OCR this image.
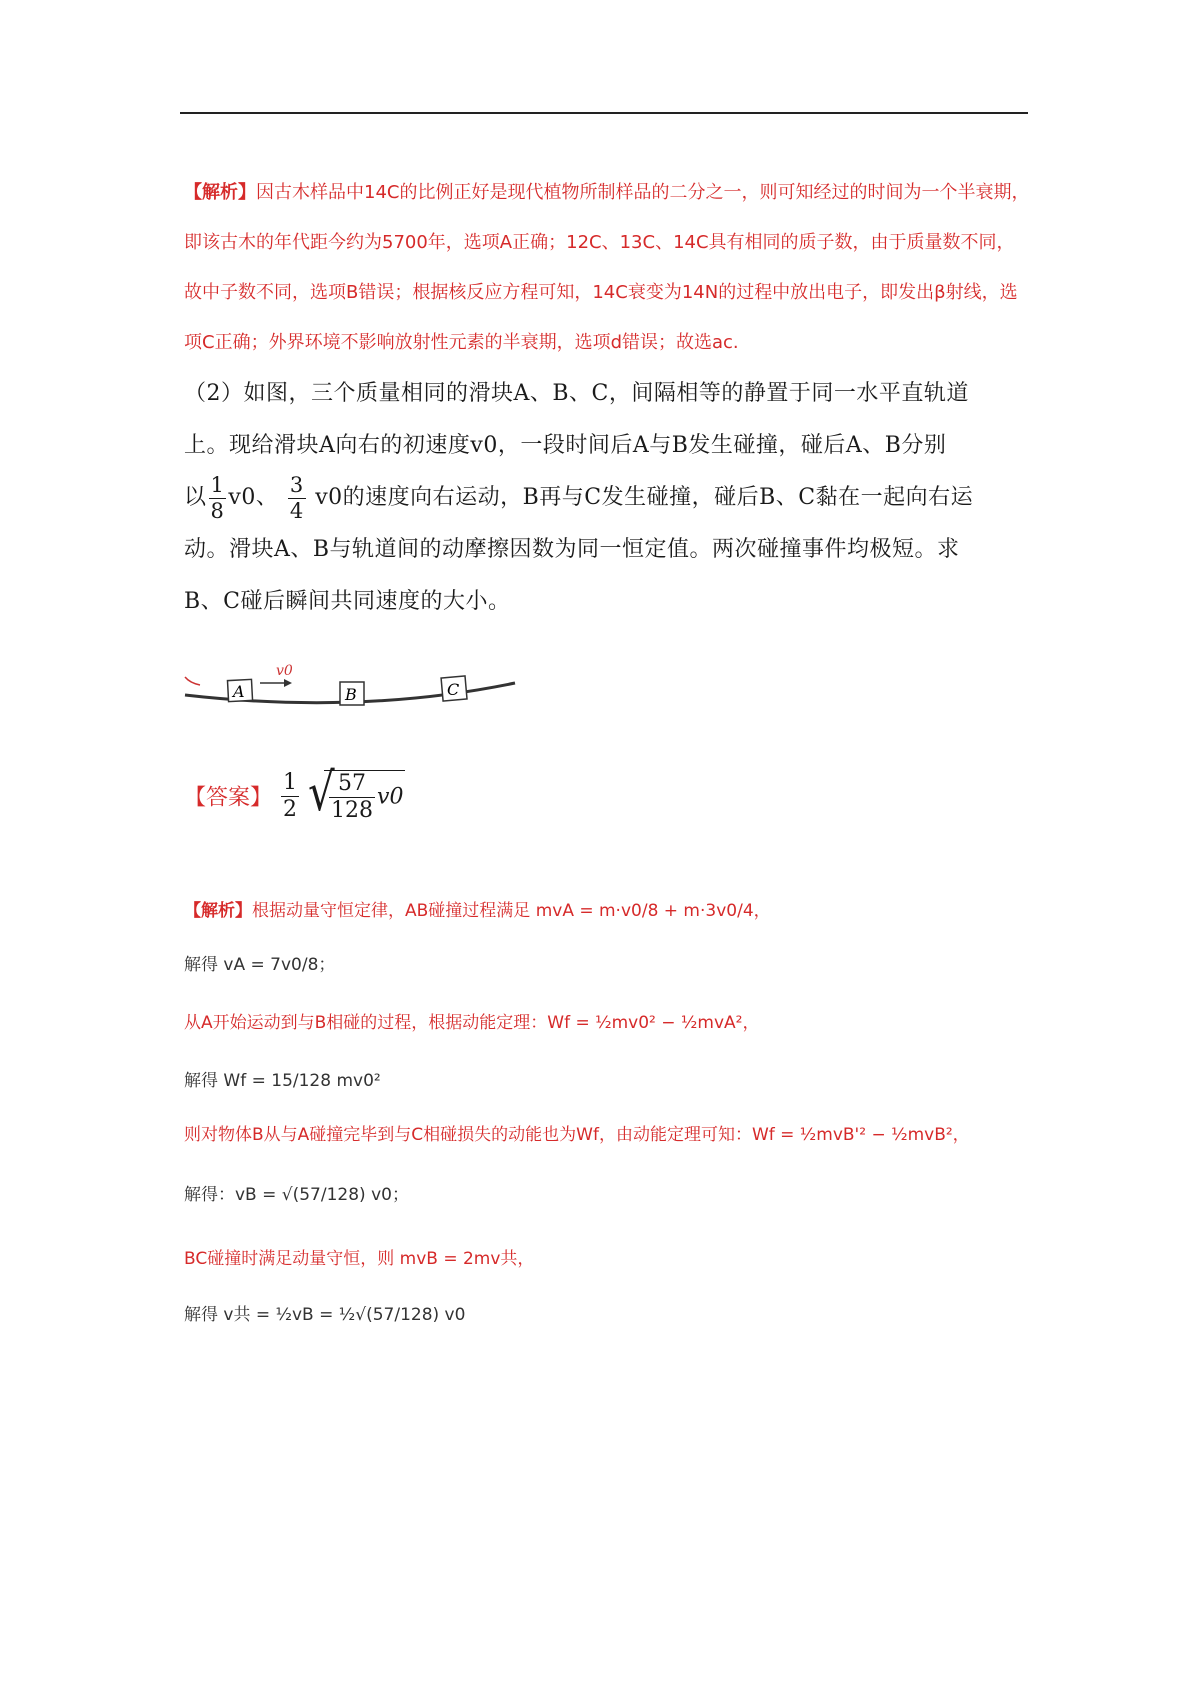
【解析】因古木样品中14C的比例正好是现代植物所制样品的二分之一，则可知经过的时间为一个半衰期，
即该古木的年代距今约为5700年，选项A正确；12C、13C、14C具有相同的质子数，由于质量数不同，
故中子数不同，选项B错误；根据核反应方程可知，14C衰变为14N的过程中放出电子，即发出β射线，选
项C正确；外界环境不影响放射性元素的半衰期，选项d错误；故选ac.
（2）如图，三个质量相同的滑块A、B、C，间隔相等的静置于同一水平直轨道
上。现给滑块A向右的初速度v0，一段时间后A与B发生碰撞，碰后A、B分别
以 $\frac{1}{8} v0$、 $\frac{3}{4} v0$的速度向右运动，B再与C发生碰撞，碰后B、C黏在一起向右运
动。滑块A、B与轨道间的动摩擦因数为同一恒定值。两次碰撞事件均极短。求
B、C碰后瞬间共同速度的大小。
A
v0
B	C
【答案】 $\frac{1}{2}$

√ $\frac{57}{128} v0$
【解析】根据动量守恒定律，AB碰撞过程满足 mvA = m·v0/8 + m·3v0/4，
解得 vA = 7v0/8；
从A开始运动到与B相碰的过程，根据动能定理：Wf = ½mv0² − ½mvA²，
解得 Wf = 15/128 mv0²
则对物体B从与A碰撞完毕到与C相碰损失的动能也为Wf，由动能定理可知：Wf = ½mvB'² − ½mvB²，
解得：vB = √(57/128) v0；
BC碰撞时满足动量守恒，则 mvB = 2mv共，
解得 v共 = ½vB = ½√(57/128) v0
